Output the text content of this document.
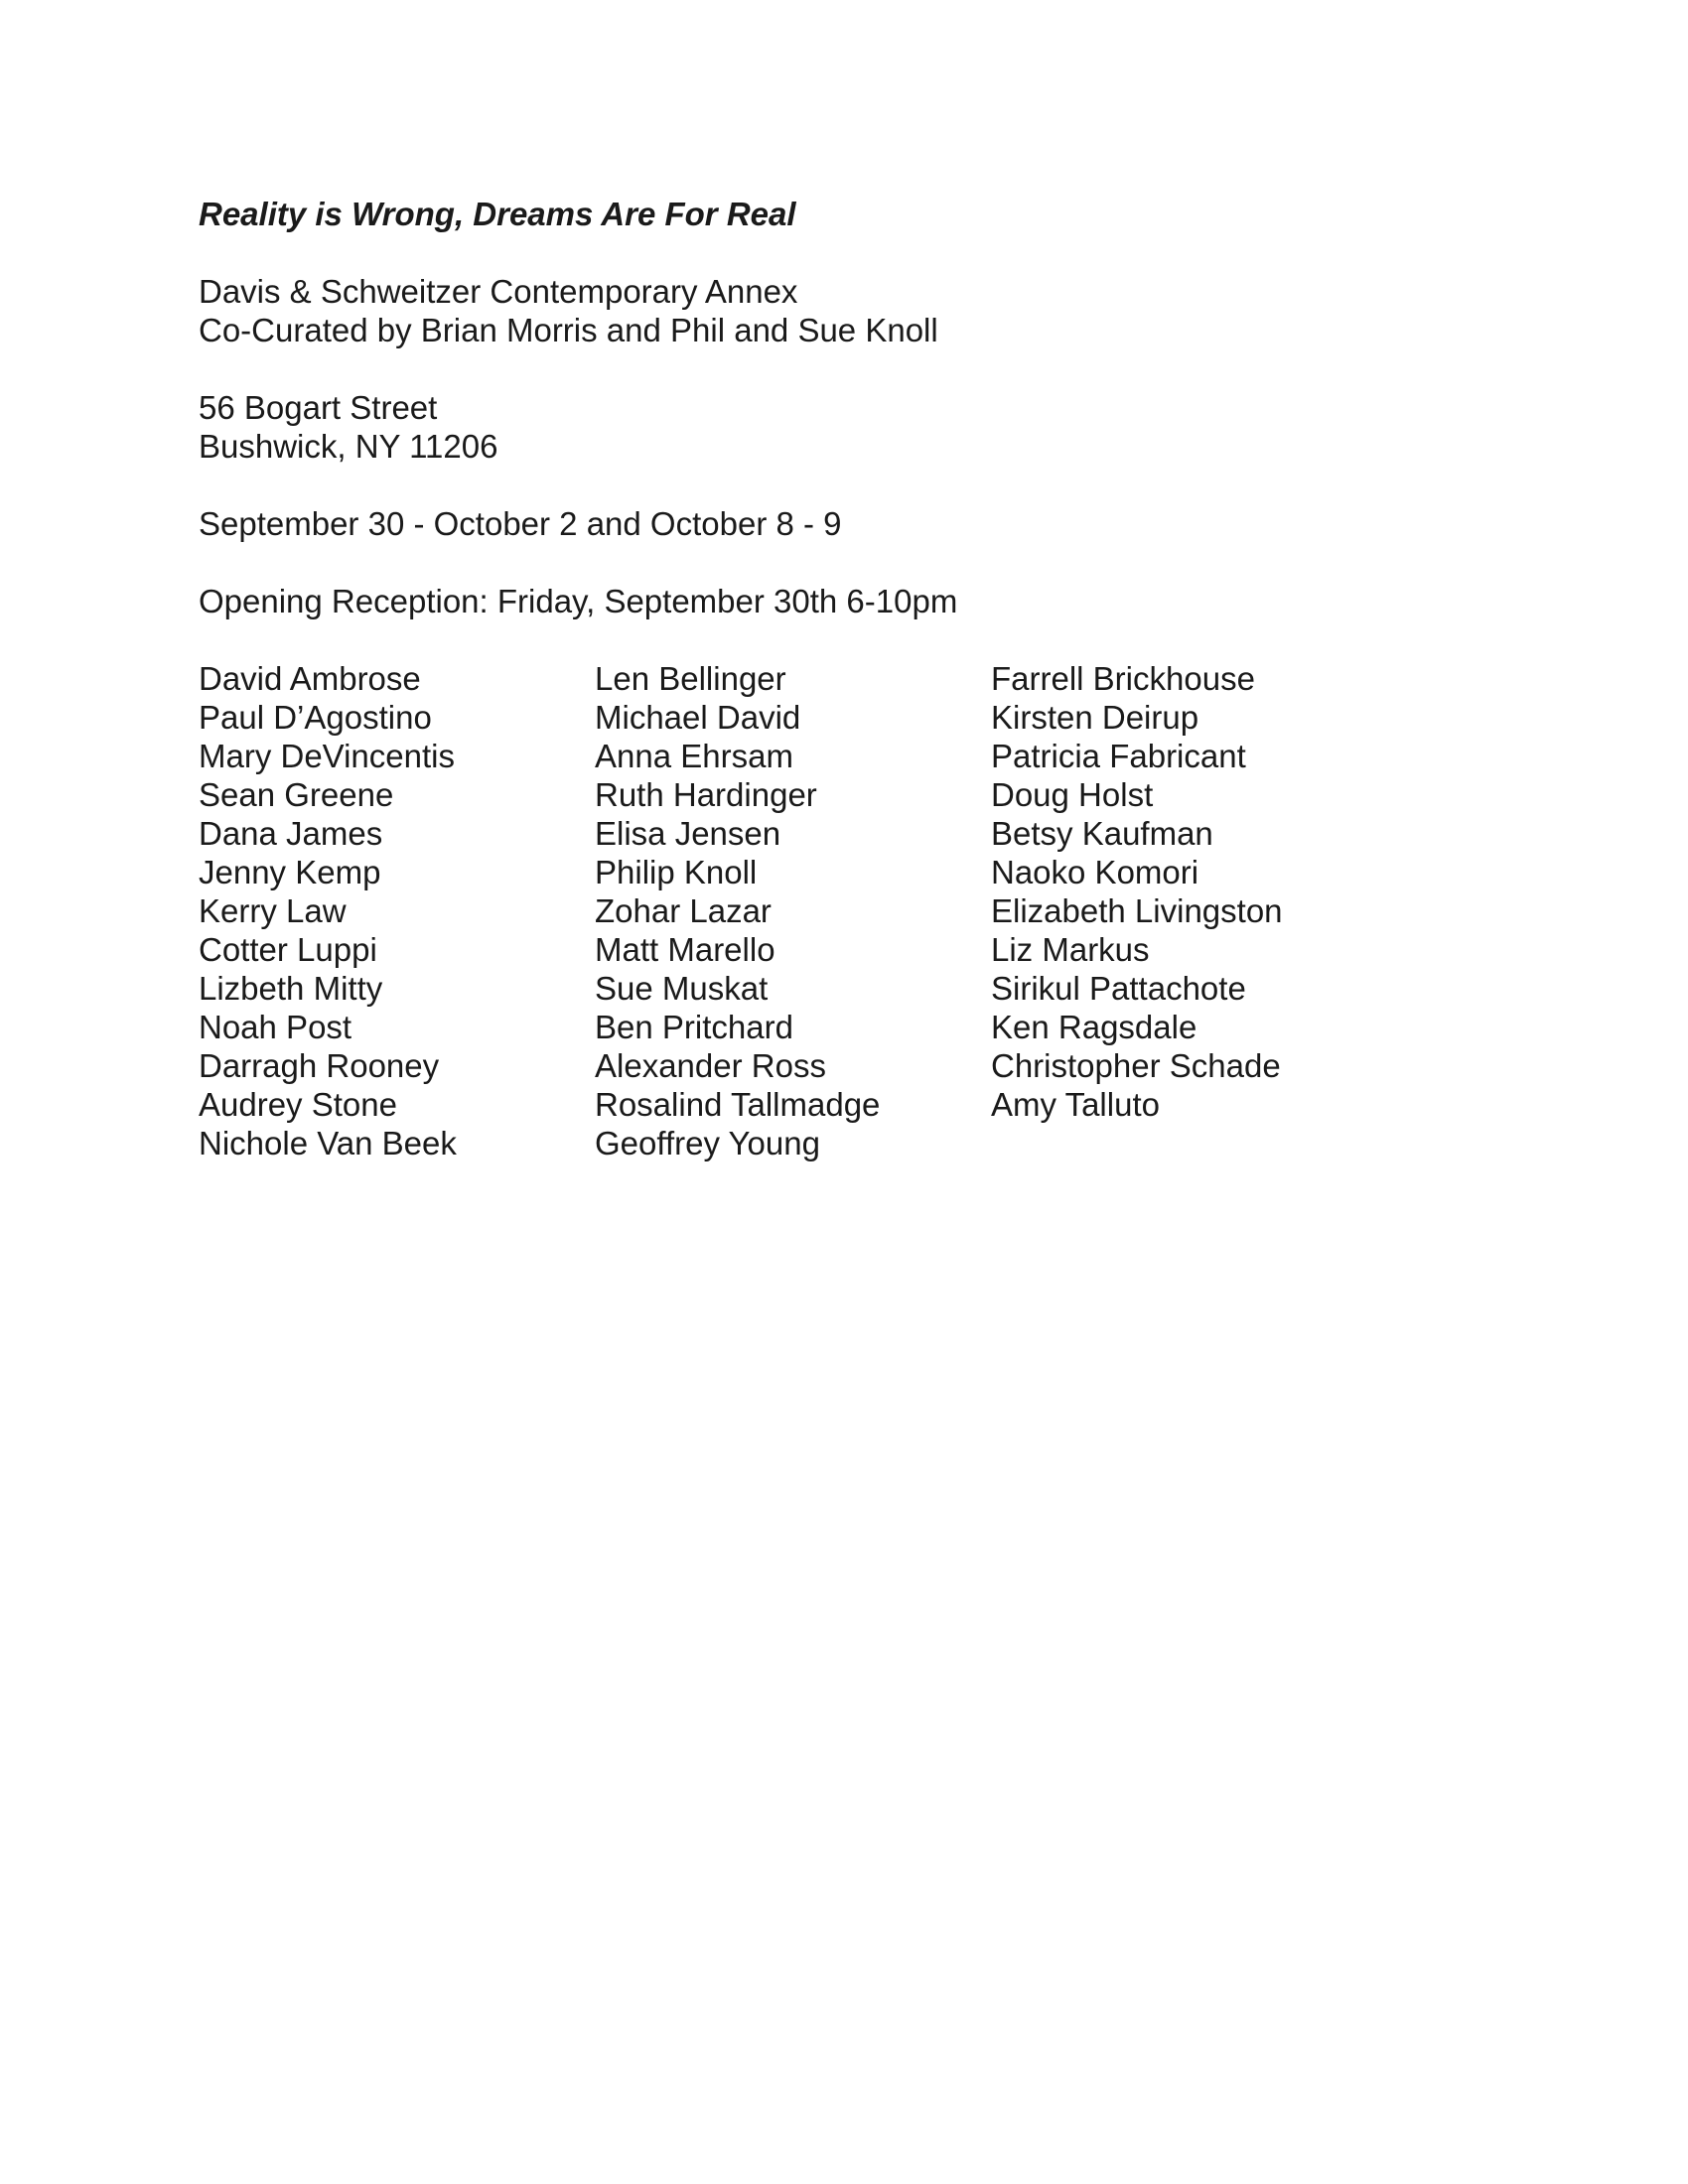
Reality is Wrong, Dreams Are For Real
Davis & Schweitzer Contemporary Annex
Co-Curated by Brian Morris and Phil and Sue Knoll
56 Bogart Street
Bushwick, NY 11206
September 30 - October 2 and October 8 - 9
Opening Reception: Friday, September 30th 6-10pm
David Ambrose
Paul D’Agostino
Mary DeVincentis
Sean Greene
Dana James
Jenny Kemp
Kerry Law
Cotter Luppi
Lizbeth Mitty
Noah Post
Darragh Rooney
Audrey Stone
Nichole Van Beek
Len Bellinger
Michael David
Anna Ehrsam
Ruth Hardinger
Elisa Jensen
Philip Knoll
Zohar Lazar
Matt Marello
Sue Muskat
Ben Pritchard
Alexander Ross
Rosalind Tallmadge
Geoffrey Young
Farrell Brickhouse
Kirsten Deirup
Patricia Fabricant
Doug Holst
Betsy Kaufman
Naoko Komori
Elizabeth Livingston
Liz Markus
Sirikul Pattachote
Ken Ragsdale
Christopher Schade
Amy Talluto
